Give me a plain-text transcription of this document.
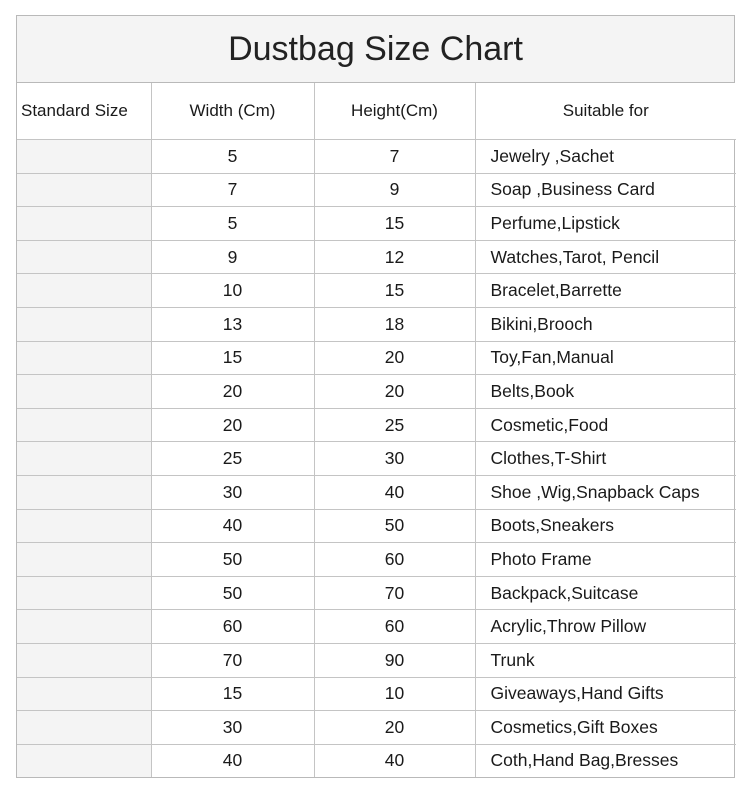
Dustbag Size Chart
Standard Size	Width (Cm)	Height(Cm)	Suitable for
	5	7	Jewelry ,Sachet
	7	9	Soap ,Business Card
	5	15	Perfume,Lipstick
	9	12	Watches,Tarot, Pencil
	10	15	Bracelet,Barrette
	13	18	Bikini,Brooch
	15	20	Toy,Fan,Manual
	20	20	Belts,Book
	20	25	Cosmetic,Food
	25	30	Clothes,T-Shirt
	30	40	Shoe ,Wig,Snapback Caps
	40	50	Boots,Sneakers
	50	60	Photo Frame
	50	70	Backpack,Suitcase
	60	60	Acrylic,Throw Pillow
	70	90	Trunk
	15	10	Giveaways,Hand Gifts
	30	20	Cosmetics,Gift Boxes
	40	40	Coth,Hand Bag,Bresses
